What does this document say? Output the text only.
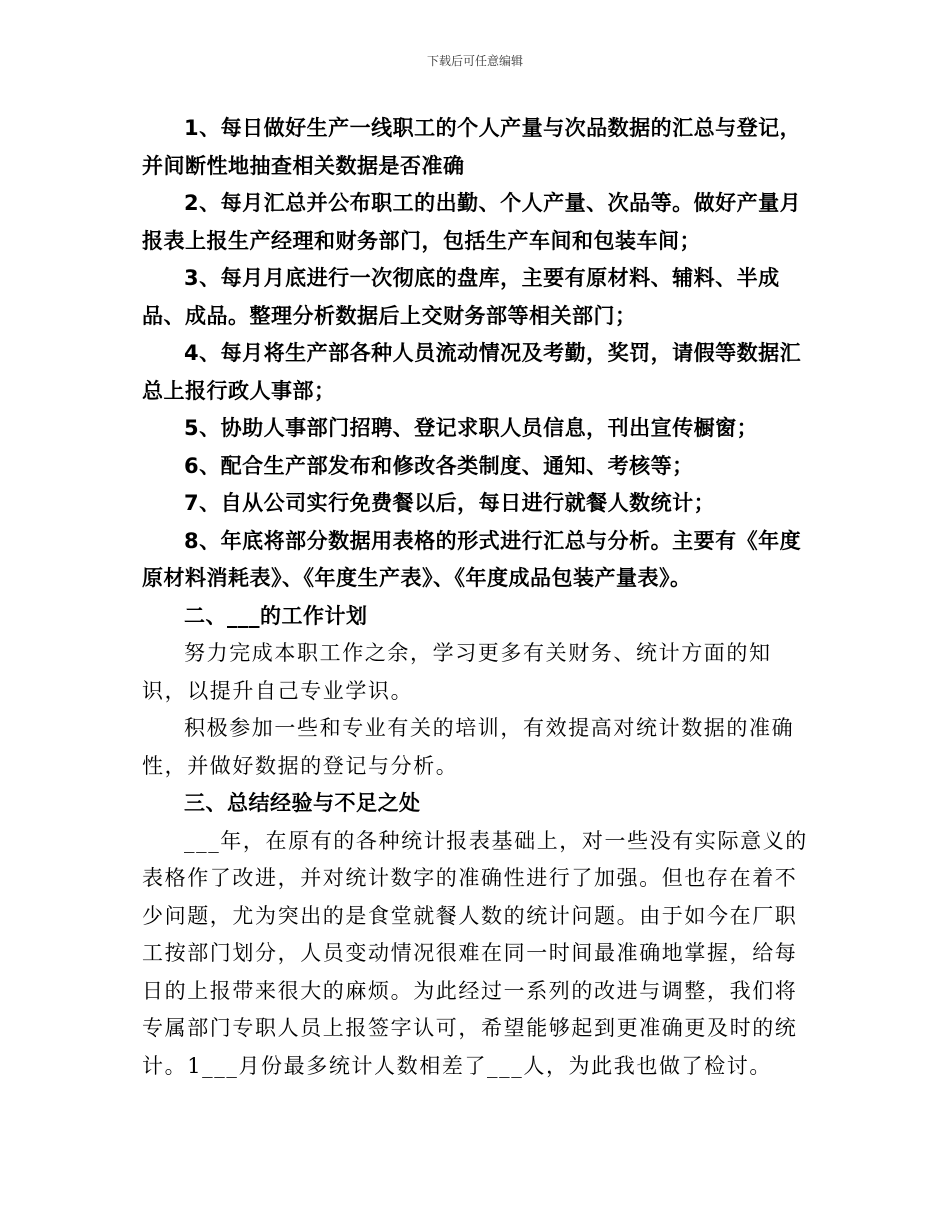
下载后可任意编辑

1、每日做好生产一线职工的个人产量与次品数据的汇总与登记，并间断性地抽查相关数据是否准确

2、每月汇总并公布职工的出勤、个人产量、次品等。做好产量月报表上报生产经理和财务部门，包括生产车间和包装车间；

3、每月月底进行一次彻底的盘库，主要有原材料、辅料、半成品、成品。整理分析数据后上交财务部等相关部门；

4、每月将生产部各种人员流动情况及考勤，奖罚，请假等数据汇总上报行政人事部；

5、协助人事部门招聘、登记求职人员信息，刊出宣传橱窗；

6、配合生产部发布和修改各类制度、通知、考核等；

7、自从公司实行免费餐以后，每日进行就餐人数统计；

8、年底将部分数据用表格的形式进行汇总与分析。主要有《年度原材料消耗表》、《年度生产表》、《年度成品包装产量表》。

二、___的工作计划

努力完成本职工作之余，学习更多有关财务、统计方面的知识，以提升自己专业学识。

积极参加一些和专业有关的培训，有效提高对统计数据的准确性，并做好数据的登记与分析。

三、总结经验与不足之处

___年，在原有的各种统计报表基础上，对一些没有实际意义的表格作了改进，并对统计数字的准确性进行了加强。但也存在着不少问题，尤为突出的是食堂就餐人数的统计问题。由于如今在厂职工按部门划分，人员变动情况很难在同一时间最准确地掌握，给每日的上报带来很大的麻烦。为此经过一系列的改进与调整，我们将专属部门专职人员上报签字认可，希望能够起到更准确更及时的统计。1___月份最多统计人数相差了___人，为此我也做了检讨。
